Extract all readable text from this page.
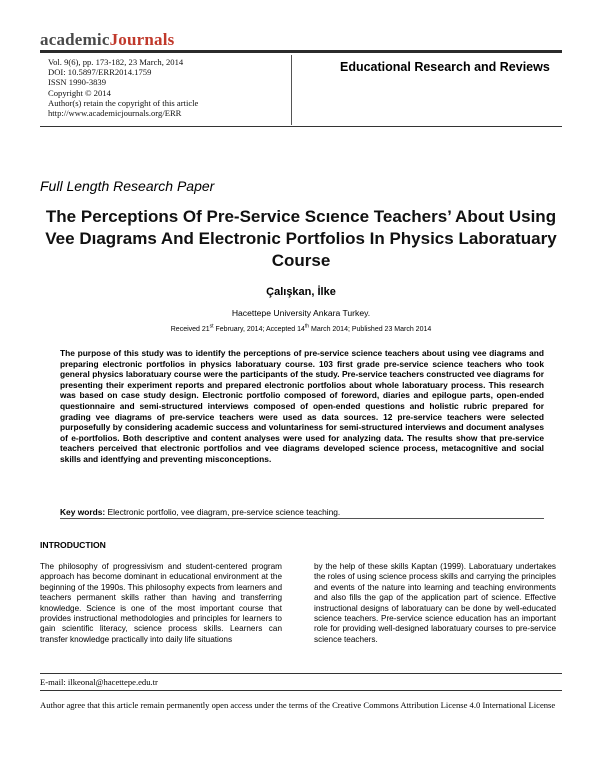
academicJournals
Vol. 9(6), pp. 173-182, 23 March, 2014
DOI: 10.5897/ERR2014.1759
ISSN 1990-3839
Copyright © 2014
Author(s) retain the copyright of this article
http://www.academicjournals.org/ERR
Educational Research and Reviews
Full Length Research Paper
The Perceptions Of Pre-Service Scıence Teachers’ About Using Vee Dıagrams And Electronic Portfolios In Physics Laboratuary Course
Çalışkan, İlke
Hacettepe University Ankara Turkey.
Received 21st February, 2014; Accepted 14th March 2014; Published 23 March 2014
The purpose of this study was to identify the perceptions of pre-service science teachers about using vee diagrams and preparing electronic portfolios in physics laboratuary course. 103 first grade pre-service science teachers who took general physics laboratuary course were the participants of the study. Pre-service teachers constructed vee diagrams for presenting their experiment reports and prepared electronic portfolios about whole laboratuary process. This research was based on case study design. Electronic portfolio composed of foreword, diaries and epilogue parts, open-ended questionnaire and semi-structured interviews composed of open-ended questions and holistic rubric prepared for grading vee diagrams of pre-service teachers were used as data sources. 12 pre-service teachers were selected purposefully by considering academic success and voluntariness for semi-structured interviews and document analyses of e-portfolios. Both descriptive and content analyses were used for analyzing data. The results show that pre-service teachers perceived that electronic portfolios and vee diagrams developed science process, metacognitive and social skills and identfying and preventing misconceptions.
Key words: Electronic portfolio, vee diagram, pre-service science teaching.
INTRODUCTION
The philosophy of progressivism and student-centered program approach has become dominant in educational environment at the beginning of the 1990s. This philosophy expects from learners and teachers permanent skills rather than having and transferring knowledge. Science is one of the most important course that provides instructional methodologies and principles for learners to gain scientific literacy, science process skills. Learners can transfer knowledge practically into daily life situations
by the help of these skills Kaptan (1999). Laboratuary undertakes the roles of using science process skills and carrying the principles and events of the nature into learning and teaching environments and also fills the gap of the application part of science. Effective instructional designs of laboratuary can be done by well-educated science teachers. Pre-service science education has an important role for providing well-designed laboratuary courses to pre-service science teachers.
E-mail: ilkeonal@hacettepe.edu.tr
Author agree that this article remain permanently open access under the terms of the Creative Commons Attribution License 4.0 International License
